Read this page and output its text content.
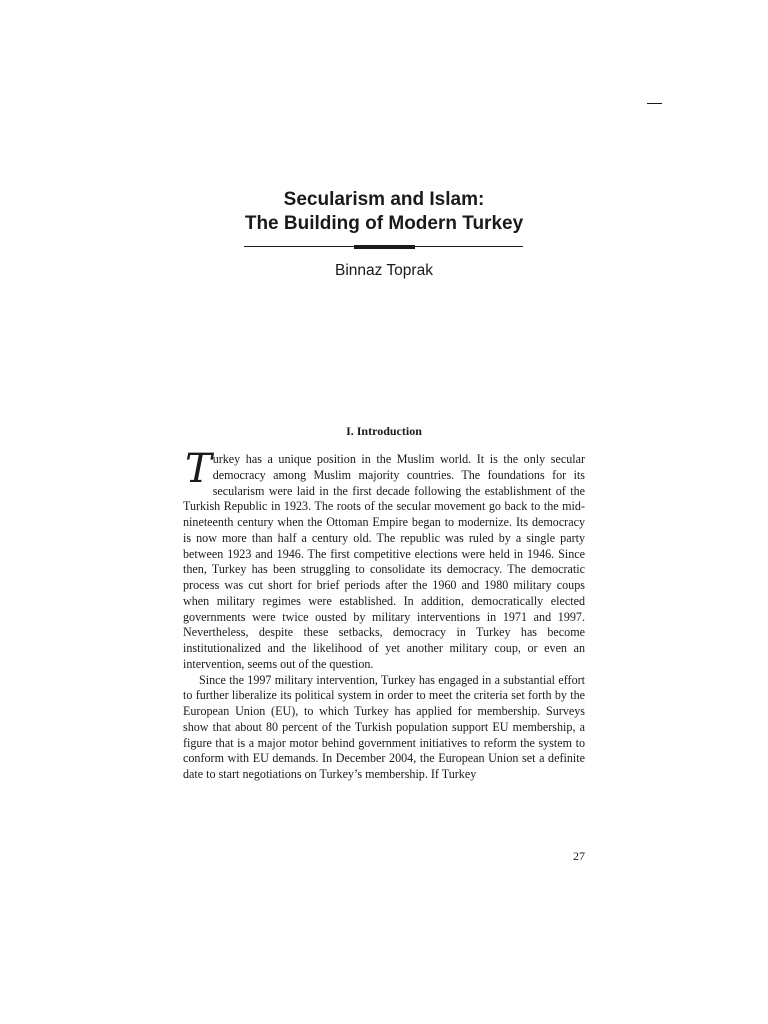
Secularism and Islam:
The Building of Modern Turkey
Binnaz Toprak
I. Introduction

Turkey has a unique position in the Muslim world. It is the only secular democracy among Muslim majority countries. The foundations for its secularism were laid in the first decade following the establishment of the Turkish Republic in 1923. The roots of the secular movement go back to the mid-nineteenth century when the Ottoman Empire began to modernize. Its democracy is now more than half a century old. The republic was ruled by a single party between 1923 and 1946. The first competitive elections were held in 1946. Since then, Turkey has been struggling to consolidate its democracy. The democratic process was cut short for brief periods after the 1960 and 1980 military coups when military regimes were established. In addition, democratically elected governments were twice ousted by military interventions in 1971 and 1997. Nevertheless, despite these setbacks, democracy in Turkey has become institutionalized and the likelihood of yet another military coup, or even an intervention, seems out of the question.

Since the 1997 military intervention, Turkey has engaged in a substantial effort to further liberalize its political system in order to meet the criteria set forth by the European Union (EU), to which Turkey has applied for membership. Surveys show that about 80 percent of the Turkish population support EU membership, a figure that is a major motor behind government initiatives to reform the system to conform with EU demands. In December 2004, the European Union set a definite date to start negotiations on Turkey’s membership. If Turkey

27
